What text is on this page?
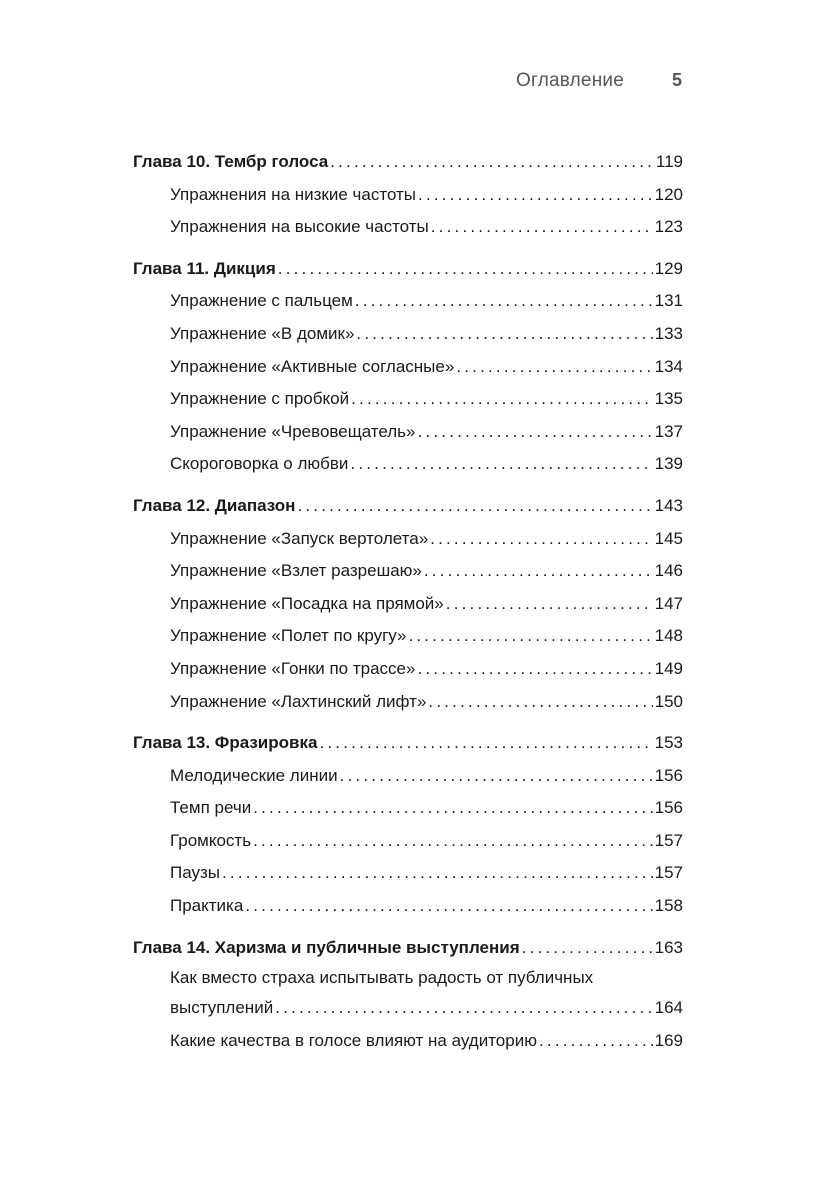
Оглавление	5
Глава 10. Тембр голоса .....	119
Упражнения на низкие частоты .....	120
Упражнения на высокие частоты .....	123
Глава 11. Дикция .....	129
Упражнение с пальцем .....	131
Упражнение «В домик» .....	133
Упражнение «Активные согласные» .....	134
Упражнение с пробкой .....	135
Упражнение «Чревовещатель» .....	137
Скороговорка о любви .....	139
Глава 12. Диапазон .....	143
Упражнение «Запуск вертолета» .....	145
Упражнение «Взлет разрешаю» .....	146
Упражнение «Посадка на прямой» .....	147
Упражнение «Полет по кругу» .....	148
Упражнение «Гонки по трассе» .....	149
Упражнение «Лахтинский лифт» .....	150
Глава 13. Фразировка .....	153
Мелодические линии .....	156
Темп речи .....	156
Громкость .....	157
Паузы .....	157
Практика .....	158
Глава 14. Харизма и публичные выступления .....	163
Как вместо страха испытывать радость от публичных
выступлений .....	164
Какие качества в голосе влияют на аудиторию .....	169
